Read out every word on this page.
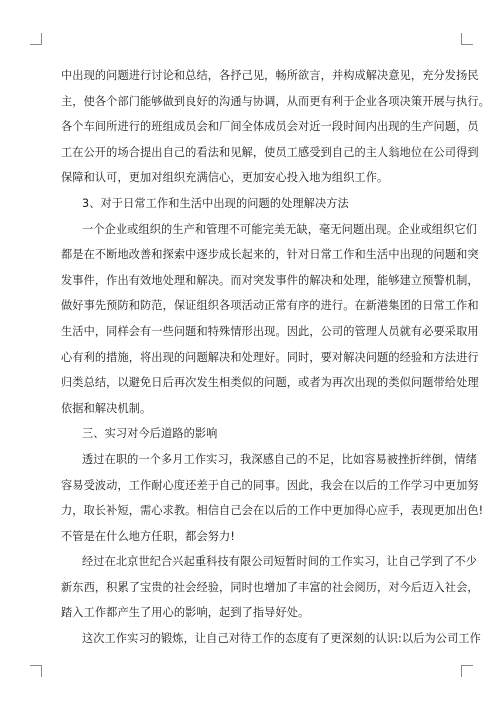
中出现的问题进行讨论和总结，各抒己见，畅所欲言，并构成解决意见，充分发扬民
主，使各个部门能够做到良好的沟通与协调，从而更有利于企业各项决策开展与执行。
各个车间所进行的班组成员会和厂间全体成员会对近一段时间内出现的生产问题，员
工在公开的场合提出自己的看法和见解，使员工感受到自己的主人翁地位在公司得到
保障和认可，更加对组织充满信心，更加安心投入地为组织工作。
3、对于日常工作和生活中出现的问题的处理解决方法
一个企业或组织的生产和管理不可能完美无缺，毫无问题出现。企业或组织它们
都是在不断地改善和探索中逐步成长起来的，针对日常工作和生活中出现的问题和突
发事件，作出有效地处理和解决。而对突发事件的解决和处理，能够建立预警机制，
做好事先预防和防范，保证组织各项活动正常有序的进行。在新港集团的日常工作和
生活中，同样会有一些问题和特殊情形出现。因此，公司的管理人员就有必要采取用
心有利的措施，将出现的问题解决和处理好。同时，要对解决问题的经验和方法进行
归类总结，以避免日后再次发生相类似的问题，或者为再次出现的类似问题带给处理
依据和解决机制。
三、实习对今后道路的影响
透过在职的一个多月工作实习，我深感自己的不足，比如容易被挫折绊倒，情绪
容易受波动，工作耐心度还差于自己的同事。因此，我会在以后的工作学习中更加努
力，取长补短，需心求教。相信自己会在以后的工作中更加得心应手，表现更加出色!
不管是在什么地方任职，都会努力!
经过在北京世纪合兴起重科技有限公司短暂时间的工作实习，让自己学到了不少
新东西，积累了宝贵的社会经验，同时也增加了丰富的社会阅历，对今后迈入社会，
踏入工作都产生了用心的影响，起到了指导好处。
这次工作实习的锻炼，让自己对待工作的态度有了更深刻的认识:以后为公司工作
